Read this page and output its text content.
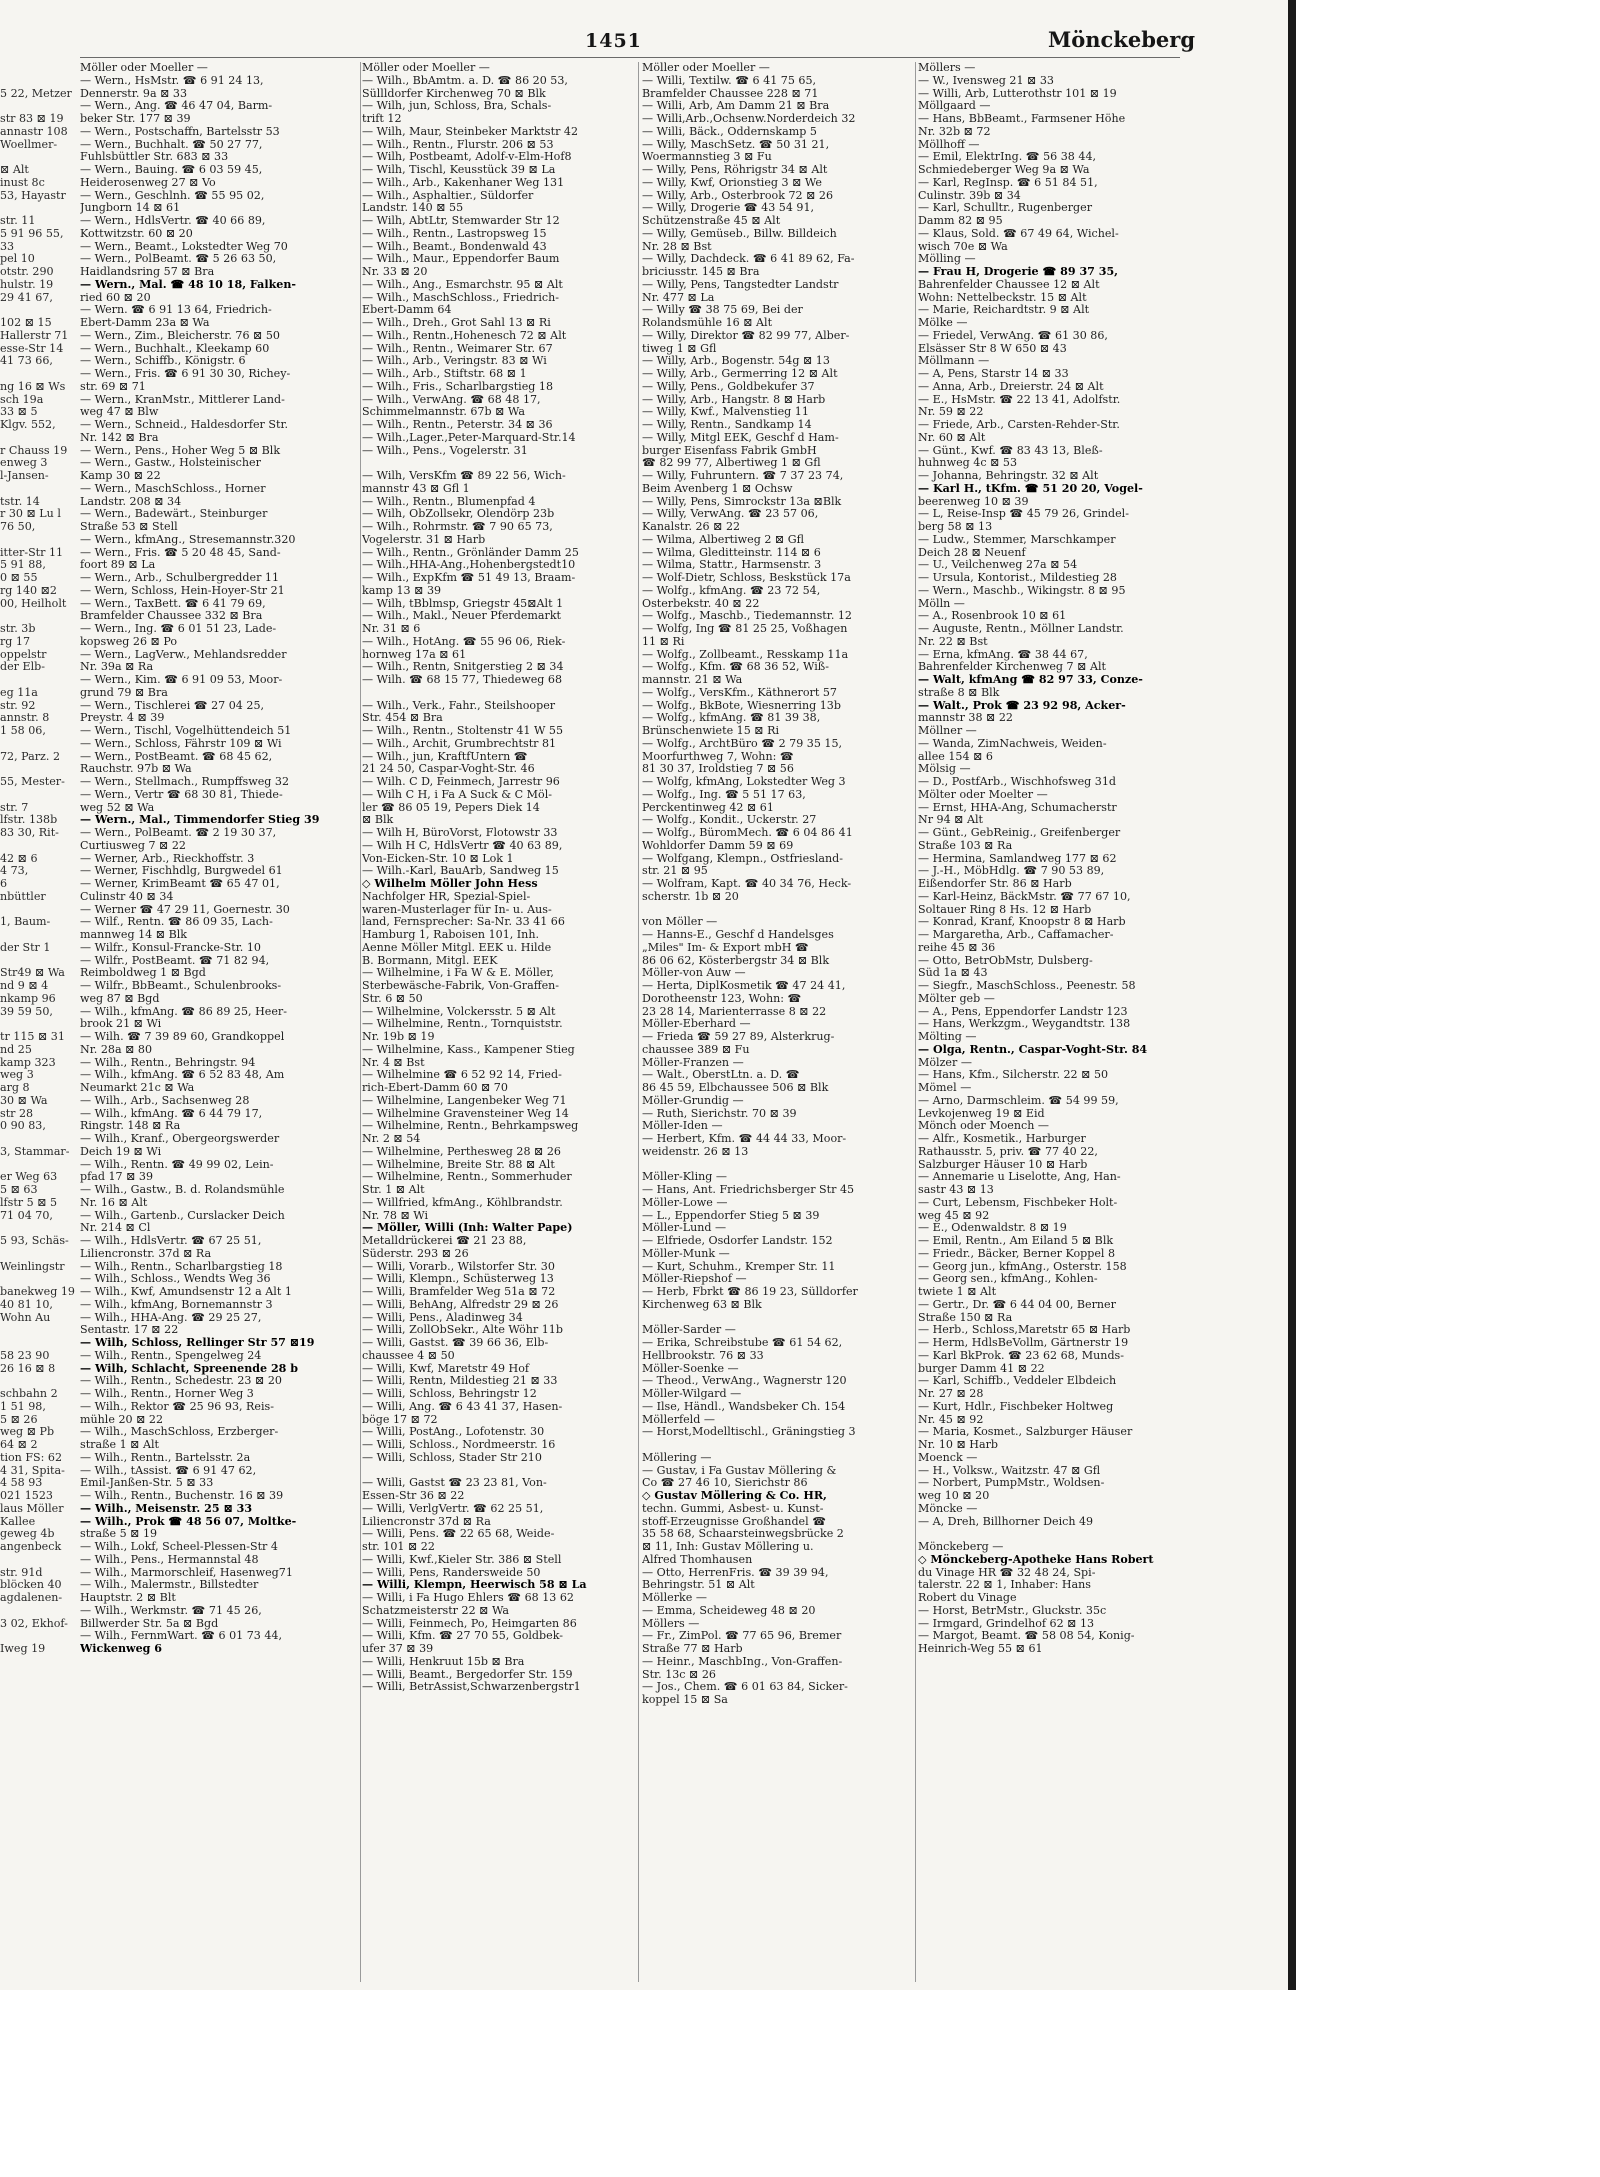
1451	Mönckeberg
5 22, Metzer
str 83 ⊠ 19
annastr 108
Woellmer-
⊠ Alt
inust 8c
53, Hayastr
str. 11
5 91 96 55,
33
pel 10
otstr. 290
hulstr. 19
29 41 67,
102 ⊠ 15
Hallerstr 71
esse-Str 14
41 73 66,
ng 16 ⊠ Ws
sch 19a
33 ⊠ 5
Klgv. 552,
r Chauss 19
enweg 3
l-Jansen-
tstr. 14
r 30 ⊠ Lu l
76 50,
itter-Str 11
5 91 88,
0 ⊠ 55
rg 140 ⊠2
00, Heilholt
str. 3b
rg 17
oppelstr
der Elb-
eg 11a
str. 92
annstr. 8
1 58 06,
72, Parz. 2
55, Mester-
str. 7
lfstr. 138b
83 30, Rit-
42 ⊠ 6
4 73,
6
nbüttler
1, Baum-
der Str 1
Str49 ⊠ Wa
nd 9 ⊠ 4
nkamp 96
39 59 50,
tr 115 ⊠ 31
nd 25
kamp 323
weg 3
arg 8
30 ⊠ Wa
str 28
0 90 83,
3, Stammar-
er Weg 63
5 ⊠ 63
lfstr 5 ⊠ 5
71 04 70,
5 93, Schäs-
Weinlingstr
banekweg 19
40 81 10,
Wohn Au
58 23 90
26 16 ⊠ 8
schbahn 2
1 51 98,
5 ⊠ 26
weg ⊠ Pb
64 ⊠ 2
tion FS: 62
4 31, Spita-
4 58 93
021 1523
laus Möller
Kallee
geweg 4b
angenbeck
str. 91d
blöcken 40
agdalenen-
3 02, Ekhof-
Iweg 19
Möller oder Moeller —
— Wern., HsMstr. ☎ 6 91 24 13,
Dennerstr. 9a ⊠ 33
— Wern., Ang. ☎ 46 47 04, Barm-
beker Str. 177 ⊠ 39
— Wern., Postschaffn, Bartelsstr 53
— Wern., Buchhalt. ☎ 50 27 77,
Fuhlsbüttler Str. 683 ⊠ 33
— Wern., Bauing. ☎ 6 03 59 45,
Heiderosenweg 27 ⊠ Vo
— Wern., Geschlnh. ☎ 55 95 02,
Jungborn 14 ⊠ 61
— Wern., HdlsVertr. ☎ 40 66 89,
Kottwitzstr. 60 ⊠ 20
— Wern., Beamt., Lokstedter Weg 70
— Wern., PolBeamt. ☎ 5 26 63 50,
Haidlandsring 57 ⊠ Bra
— Wern., Mal. ☎ 48 10 18, Falken-
ried 60 ⊠ 20
— Wern. ☎ 6 91 13 64, Friedrich-
Ebert-Damm 23a ⊠ Wa
— Wern., Zim., Bleicherstr. 76 ⊠ 50
— Wern., Buchhalt., Kleekamp 60
— Wern., Schiffb., Königstr. 6
— Wern., Fris. ☎ 6 91 30 30, Richey-
str. 69 ⊠ 71
— Wern., KranMstr., Mittlerer Land-
weg 47 ⊠ Blw
— Wern., Schneid., Haldesdorfer Str.
Nr. 142 ⊠ Bra
— Wern., Pens., Hoher Weg 5 ⊠ Blk
— Wern., Gastw., Holsteinischer
Kamp 30 ⊠ 22
— Wern., MaschSchloss., Horner
Landstr. 208 ⊠ 34
— Wern., Badewärt., Steinburger
Straße 53 ⊠ Stell
— Wern., kfmAng., Stresemannstr.320
— Wern., Fris. ☎ 5 20 48 45, Sand-
foort 89 ⊠ La
— Wern., Arb., Schulbergredder 11
— Wern, Schloss, Hein-Hoyer-Str 21
— Wern., TaxBett. ☎ 6 41 79 69,
Bramfelder Chaussee 332 ⊠ Bra
— Wern., Ing. ☎ 6 01 51 23, Lade-
kopsweg 26 ⊠ Po
— Wern., LagVerw., Mehlandsredder
Nr. 39a ⊠ Ra
— Wern., Kim. ☎ 6 91 09 53, Moor-
grund 79 ⊠ Bra
— Wern., Tischlerei ☎ 27 04 25,
Preystr. 4 ⊠ 39
— Wern., Tischl, Vogelhüttendeich 51
— Wern., Schloss, Fährstr 109 ⊠ Wi
— Wern., PostBeamt. ☎ 68 45 62,
Rauchstr. 97b ⊠ Wa
— Wern., Stellmach., Rumpffsweg 32
— Wern., Vertr ☎ 68 30 81, Thiede-
weg 52 ⊠ Wa
— Wern., Mal., Timmendorfer Stieg 39
— Wern., PolBeamt. ☎ 2 19 30 37,
Curtiusweg 7 ⊠ 22
— Werner, Arb., Rieckhoffstr. 3
— Werner, Fischhdlg, Burgwedel 61
— Werner, KrimBeamt ☎ 65 47 01,
Culinstr 40 ⊠ 34
— Werner ☎ 47 29 11, Goernestr. 30
— Wilf., Rentn. ☎ 86 09 35, Lach-
mannweg 14 ⊠ Blk
— Wilfr., Konsul-Francke-Str. 10
— Wilfr., PostBeamt. ☎ 71 82 94,
Reimboldweg 1 ⊠ Bgd
— Wilfr., BbBeamt., Schulenbrooks-
weg 87 ⊠ Bgd
— Wilh., kfmAng. ☎ 86 89 25, Heer-
brook 21 ⊠ Wi
— Wilh. ☎ 7 39 89 60, Grandkoppel
Nr. 28a ⊠ 80
— Wilh., Rentn., Behringstr. 94
— Wilh., kfmAng. ☎ 6 52 83 48, Am
Neumarkt 21c ⊠ Wa
— Wilh., Arb., Sachsenweg 28
— Wilh., kfmAng. ☎ 6 44 79 17,
Ringstr. 148 ⊠ Ra
— Wilh., Kranf., Obergeorgswerder
Deich 19 ⊠ Wi
— Wilh., Rentn. ☎ 49 99 02, Lein-
pfad 17 ⊠ 39
— Wilh., Gastw., B. d. Rolandsmühle
Nr. 16 ⊠ Alt
— Wilh., Gartenb., Curslacker Deich
Nr. 214 ⊠ Cl
— Wilh., HdlsVertr. ☎ 67 25 51,
Liliencronstr. 37d ⊠ Ra
— Wilh., Rentn., Scharlbargstieg 18
— Wilh., Schloss., Wendts Weg 36
— Wilh., Kwf, Amundsenstr 12 a Alt 1
— Wilh., kfmAng, Bornemannstr 3
— Wilh., HHA-Ang. ☎ 29 25 27,
Sentastr. 17 ⊠ 22
— Wilh, Schloss, Rellinger Str 57 ⊠19
— Wilh., Rentn., Spengelweg 24
— Wilh, Schlacht, Spreenende 28 b
— Wilh., Rentn., Schedestr. 23 ⊠ 20
— Wilh., Rentn., Horner Weg 3
— Wilh., Rektor ☎ 25 96 93, Reis-
mühle 20 ⊠ 22
— Wilh., MaschSchloss, Erzberger-
straße 1 ⊠ Alt
— Wilh., Rentn., Bartelsstr. 2a
— Wilh., tAssist. ☎ 6 91 47 62,
Emil-Janßen-Str. 5 ⊠ 33
— Wilh., Rentn., Buchenstr. 16 ⊠ 39
— Wilh., Meisenstr. 25 ⊠ 33
— Wilh., Prok ☎ 48 56 07, Moltke-
straße 5 ⊠ 19
— Wilh., Lokf, Scheel-Plessen-Str 4
— Wilh., Pens., Hermannstal 48
— Wilh., Marmorschleif, Hasenweg71
— Wilh., Malermstr., Billstedter
Hauptstr. 2 ⊠ Blt
— Wilh., Werkmstr. ☎ 71 45 26,
Billwerder Str. 5a ⊠ Bgd
— Wilh., FernmWart. ☎ 6 01 73 44,
Wickenweg 6
Möller oder Moeller —
— Wilh., BbAmtm. a. D. ☎ 86 20 53,
Süllldorfer Kirchenweg 70 ⊠ Blk
— Wilh, jun, Schloss, Bra, Schals-
trift 12
— Wilh, Maur, Steinbeker Marktstr 42
— Wilh., Rentn., Flurstr. 206 ⊠ 53
— Wilh, Postbeamt, Adolf-v-Elm-Hof8
— Wilh, Tischl, Keusstück 39 ⊠ La
— Wilh., Arb., Kakenhaner Weg 131
— Wilh., Asphaltier., Süldorfer
Landstr. 140 ⊠ 55
— Wilh, AbtLtr, Stemwarder Str 12
— Wilh., Rentn., Lastropsweg 15
— Wilh., Beamt., Bondenwald 43
— Wilh., Maur., Eppendorfer Baum
Nr. 33 ⊠ 20
— Wilh., Ang., Esmarchstr. 95 ⊠ Alt
— Wilh., MaschSchloss., Friedrich-
Ebert-Damm 64
— Wilh., Dreh., Grot Sahl 13 ⊠ Ri
— Wilh., Rentn.,Hohenesch 72 ⊠ Alt
— Wilh., Rentn., Weimarer Str. 67
— Wilh., Arb., Veringstr. 83 ⊠ Wi
— Wilh., Arb., Stiftstr. 68 ⊠ 1
— Wilh., Fris., Scharlbargstieg 18
— Wilh., VerwAng. ☎ 68 48 17,
Schimmelmannstr. 67b ⊠ Wa
— Wilh., Rentn., Peterstr. 34 ⊠ 36
— Wilh.,Lager.,Peter-Marquard-Str.14
— Wilh., Pens., Vogelerstr. 31
— Wilh, VersKfm ☎ 89 22 56, Wich-
mannstr 43 ⊠ Gfl 1
— Wilh., Rentn., Blumenpfad 4
— Wilh, ObZollsekr, Olendörp 23b
— Wilh., Rohrmstr. ☎ 7 90 65 73,
Vogelerstr. 31 ⊠ Harb
— Wilh., Rentn., Grönländer Damm 25
— Wilh.,HHA-Ang.,Hohenbergstedt10
— Wilh., ExpKfm ☎ 51 49 13, Braam-
kamp 13 ⊠ 39
— Wilh, tBblmsp, Griegstr 45⊠Alt 1
— Wilh., Makl., Neuer Pferdemarkt
Nr. 31 ⊠ 6
— Wilh., HotAng. ☎ 55 96 06, Riek-
hornweg 17a ⊠ 61
— Wilh., Rentn, Snitgerstieg 2 ⊠ 34
— Wilh. ☎ 68 15 77, Thiedeweg 68
— Wilh., Verk., Fahr., Steilshooper
Str. 454 ⊠ Bra
— Wilh., Rentn., Stoltenstr 41 W 55
— Wilh., Archit, Grumbrechtstr 81
— Wilh., jun, KraftfUntern ☎
21 24 50, Caspar-Voght-Str. 46
— Wilh. C D, Feinmech, Jarrestr 96
— Wilh C H, i Fa A Suck & C Möl-
ler ☎ 86 05 19, Pepers Diek 14
⊠ Blk
— Wilh H, BüroVorst, Flotowstr 33
— Wilh H C, HdlsVertr ☎ 40 63 89,
Von-Eicken-Str. 10 ⊠ Lok 1
— Wilh.-Karl, BauArb, Sandweg 15
◇ Wilhelm Möller John Hess
Nachfolger HR, Spezial-Spiel-
waren-Musterlager für In- u. Aus-
land, Fernsprecher: Sa-Nr. 33 41 66
Hamburg 1, Raboisen 101, Inh.
Aenne Möller Mitgl. EEK u. Hilde
B. Bormann, Mitgl. EEK
— Wilhelmine, i Fa W & E. Möller,
Sterbewäsche-Fabrik, Von-Graffen-
Str. 6 ⊠ 50
— Wilhelmine, Volckersstr. 5 ⊠ Alt
— Wilhelmine, Rentn., Tornquiststr.
Nr. 19b ⊠ 19
— Wilhelmine, Kass., Kampener Stieg
Nr. 4 ⊠ Bst
— Wilhelmine ☎ 6 52 92 14, Fried-
rich-Ebert-Damm 60 ⊠ 70
— Wilhelmine, Langenbeker Weg 71
— Wilhelmine Gravensteiner Weg 14
— Wilhelmine, Rentn., Behrkampsweg
Nr. 2 ⊠ 54
— Wilhelmine, Perthesweg 28 ⊠ 26
— Wilhelmine, Breite Str. 88 ⊠ Alt
— Wilhelmine, Rentn., Sommerhuder
Str. 1 ⊠ Alt
— Willfried, kfmAng., Köhlbrandstr.
Nr. 78 ⊠ Wi
— Möller, Willi (Inh: Walter Pape)
Metalldrückerei ☎ 21 23 88,
Süderstr. 293 ⊠ 26
— Willi, Vorarb., Wilstorfer Str. 30
— Willi, Klempn., Schüsterweg 13
— Willi, Bramfelder Weg 51a ⊠ 72
— Willi, BehAng, Alfredstr 29 ⊠ 26
— Willi, Pens., Aladinweg 34
— Willi, ZollObSekr., Alte Wöhr 11b
— Willi, Gastst. ☎ 39 66 36, Elb-
chaussee 4 ⊠ 50
— Willi, Kwf, Maretstr 49 Hof
— Willi, Rentn, Mildestieg 21 ⊠ 33
— Willi, Schloss, Behringstr 12
— Willi, Ang. ☎ 6 43 41 37, Hasen-
böge 17 ⊠ 72
— Willi, PostAng., Lofotenstr. 30
— Willi, Schloss., Nordmeerstr. 16
— Willi, Schloss, Stader Str 210
— Willi, Gastst ☎ 23 23 81, Von-
Essen-Str 36 ⊠ 22
— Willi, VerlgVertr. ☎ 62 25 51,
Liliencronstr 37d ⊠ Ra
— Willi, Pens. ☎ 22 65 68, Weide-
str. 101 ⊠ 22
— Willi, Kwf.,Kieler Str. 386 ⊠ Stell
— Willi, Pens, Randersweide 50
— Willi, Klempn, Heerwisch 58 ⊠ La
— Willi, i Fa Hugo Ehlers ☎ 68 13 62
Schatzmeisterstr 22 ⊠ Wa
— Willi, Feinmech, Po, Heimgarten 86
— Willi, Kfm. ☎ 27 70 55, Goldbek-
ufer 37 ⊠ 39
— Willi, Henkruut 15b ⊠ Bra
— Willi, Beamt., Bergedorfer Str. 159
— Willi, BetrAssist,Schwarzenbergstr1
Möller oder Moeller —
— Willi, Textilw. ☎ 6 41 75 65,
Bramfelder Chaussee 228 ⊠ 71
— Willi, Arb, Am Damm 21 ⊠ Bra
— Willi,Arb.,Ochsenw.Norderdeich 32
— Willi, Bäck., Oddernskamp 5
— Willy, MaschSetz. ☎ 50 31 21,
Woermannstieg 3 ⊠ Fu
— Willy, Pens, Röhrigstr 34 ⊠ Alt
— Willy, Kwf, Orionstieg 3 ⊠ We
— Willy, Arb., Osterbrook 72 ⊠ 26
— Willy, Drogerie ☎ 43 54 91,
Schützenstraße 45 ⊠ Alt
— Willy, Gemüseb., Billw. Billdeich
Nr. 28 ⊠ Bst
— Willy, Dachdeck. ☎ 6 41 89 62, Fa-
briciusstr. 145 ⊠ Bra
— Willy, Pens, Tangstedter Landstr
Nr. 477 ⊠ La
— Willy ☎ 38 75 69, Bei der
Rolandsmühle 16 ⊠ Alt
— Willy, Direktor ☎ 82 99 77, Alber-
tiweg 1 ⊠ Gfl
— Willy, Arb., Bogenstr. 54g ⊠ 13
— Willy, Arb., Germerring 12 ⊠ Alt
— Willy, Pens., Goldbekufer 37
— Willy, Arb., Hangstr. 8 ⊠ Harb
— Willy, Kwf., Malvenstieg 11
— Willy, Rentn., Sandkamp 14
— Willy, Mitgl EEK, Geschf d Ham-
burger Eisenfass Fabrik GmbH
☎ 82 99 77, Albertiweg 1 ⊠ Gfl
— Willy, Fuhruntern. ☎ 7 37 23 74,
Beim Avenberg 1 ⊠ Ochsw
— Willy, Pens, Simrockstr 13a ⊠Blk
— Willy, VerwAng. ☎ 23 57 06,
Kanalstr. 26 ⊠ 22
— Wilma, Albertiweg 2 ⊠ Gfl
— Wilma, Gleditteinstr. 114 ⊠ 6
— Wilma, Stattr., Harmsenstr. 3
— Wolf-Dietr, Schloss, Beskstück 17a
— Wolfg., kfmAng. ☎ 23 72 54,
Osterbekstr. 40 ⊠ 22
— Wolfg., Maschb., Tiedemannstr. 12
— Wolfg, Ing ☎ 81 25 25, Voßhagen
11 ⊠ Ri
— Wolfg., Zollbeamt., Resskamp 11a
— Wolfg., Kfm. ☎ 68 36 52, Wiß-
mannstr. 21 ⊠ Wa
— Wolfg., VersKfm., Käthnerort 57
— Wolfg., BkBote, Wiesnerring 13b
— Wolfg., kfmAng. ☎ 81 39 38,
Brünschenwiete 15 ⊠ Ri
— Wolfg., ArchtBüro ☎ 2 79 35 15,
Moorfurthweg 7, Wohn: ☎
81 30 37, Iroldstieg 7 ⊠ 56
— Wolfg, kfmAng, Lokstedter Weg 3
— Wolfg., Ing. ☎ 5 51 17 63,
Perckentinweg 42 ⊠ 61
— Wolfg., Kondit., Uckerstr. 27
— Wolfg., BüromMech. ☎ 6 04 86 41
Wohldorfer Damm 59 ⊠ 69
— Wolfgang, Klempn., Ostfriesland-
str. 21 ⊠ 95
— Wolfram, Kapt. ☎ 40 34 76, Heck-
scherstr. 1b ⊠ 20
von Möller —
— Hanns-E., Geschf d Handelsges
„Miles" Im- & Export mbH ☎
86 06 62, Kösterbergstr 34 ⊠ Blk
Möller-von Auw —
— Herta, DiplKosmetik ☎ 47 24 41,
Dorotheenstr 123, Wohn: ☎
23 28 14, Marienterrasse 8 ⊠ 22
Möller-Eberhard —
— Frieda ☎ 59 27 89, Alsterkrug-
chaussee 389 ⊠ Fu
Möller-Franzen —
— Walt., OberstLtn. a. D. ☎
86 45 59, Elbchaussee 506 ⊠ Blk
Möller-Grundig —
— Ruth, Sierichstr. 70 ⊠ 39
Möller-Iden —
— Herbert, Kfm. ☎ 44 44 33, Moor-
weidenstr. 26 ⊠ 13
Möller-Kling —
— Hans, Ant. Friedrichsberger Str 45
Möller-Lowe —
— L., Eppendorfer Stieg 5 ⊠ 39
Möller-Lund —
— Elfriede, Osdorfer Landstr. 152
Möller-Munk —
— Kurt, Schuhm., Kremper Str. 11
Möller-Riepshof —
— Herb, Fbrkt ☎ 86 19 23, Sülldorfer
Kirchenweg 63 ⊠ Blk
Möller-Sarder —
— Erika, Schreibstube ☎ 61 54 62,
Hellbrookstr. 76 ⊠ 33
Möller-Soenke —
— Theod., VerwAng., Wagnerstr 120
Möller-Wilgard —
— Ilse, Händl., Wandsbeker Ch. 154
Möllerfeld —
— Horst,Modelltischl., Gräningstieg 3
Möllering —
— Gustav, i Fa Gustav Möllering &
Co ☎ 27 46 10, Sierichstr 86
◇ Gustav Möllering & Co. HR,
techn. Gummi, Asbest- u. Kunst-
stoff-Erzeugnisse Großhandel ☎
35 58 68, Schaarsteinwegsbrücke 2
⊠ 11, Inh: Gustav Möllering u.
Alfred Thomhausen
— Otto, HerrenFris. ☎ 39 39 94,
Behringstr. 51 ⊠ Alt
Möllerke —
— Emma, Scheideweg 48 ⊠ 20
Möllers —
— Fr., ZimPol. ☎ 77 65 96, Bremer
Straße 77 ⊠ Harb
— Heinr., MaschbIng., Von-Graffen-
Str. 13c ⊠ 26
— Jos., Chem. ☎ 6 01 63 84, Sicker-
koppel 15 ⊠ Sa
Möllers —
— W., Ivensweg 21 ⊠ 33
— Willi, Arb, Lutterothstr 101 ⊠ 19
Möllgaard —
— Hans, BbBeamt., Farmsener Höhe
Nr. 32b ⊠ 72
Möllhoff —
— Emil, ElektrIng. ☎ 56 38 44,
Schmiedeberger Weg 9a ⊠ Wa
— Karl, RegInsp. ☎ 6 51 84 51,
Culinstr. 39b ⊠ 34
— Karl, Schulltr., Rugenberger
Damm 82 ⊠ 95
— Klaus, Sold. ☎ 67 49 64, Wichel-
wisch 70e ⊠ Wa
Mölling —
— Frau H, Drogerie ☎ 89 37 35,
Bahrenfelder Chaussee 12 ⊠ Alt
Wohn: Nettelbeckstr. 15 ⊠ Alt
— Marie, Reichardtstr. 9 ⊠ Alt
Mölke —
— Friedel, VerwAng. ☎ 61 30 86,
Elsässer Str 8 W 650 ⊠ 43
Möllmann —
— A, Pens, Starstr 14 ⊠ 33
— Anna, Arb., Dreierstr. 24 ⊠ Alt
— E., HsMstr. ☎ 22 13 41, Adolfstr.
Nr. 59 ⊠ 22
— Friede, Arb., Carsten-Rehder-Str.
Nr. 60 ⊠ Alt
— Günt., Kwf. ☎ 83 43 13, Bleß-
huhnweg 4c ⊠ 53
— Johanna, Behringstr. 32 ⊠ Alt
— Karl H., tKfm. ☎ 51 20 20, Vogel-
beerenweg 10 ⊠ 39
— L, Reise-Insp ☎ 45 79 26, Grindel-
berg 58 ⊠ 13
— Ludw., Stemmer, Marschkamper
Deich 28 ⊠ Neuenf
— U., Veilchenweg 27a ⊠ 54
— Ursula, Kontorist., Mildestieg 28
— Wern., Maschb., Wikingstr. 8 ⊠ 95
Mölln —
— A., Rosenbrook 10 ⊠ 61
— Auguste, Rentn., Möllner Landstr.
Nr. 22 ⊠ Bst
— Erna, kfmAng. ☎ 38 44 67,
Bahrenfelder Kirchenweg 7 ⊠ Alt
— Walt, kfmAng ☎ 82 97 33, Conze-
straße 8 ⊠ Blk
— Walt., Prok ☎ 23 92 98, Acker-
mannstr 38 ⊠ 22
Möllner —
— Wanda, ZimNachweis, Weiden-
allee 154 ⊠ 6
Mölsig —
— D., PostfArb., Wischhofsweg 31d
Mölter oder Moelter —
— Ernst, HHA-Ang, Schumacherstr
Nr 94 ⊠ Alt
— Günt., GebReinig., Greifenberger
Straße 103 ⊠ Ra
— Hermina, Samlandweg 177 ⊠ 62
— J.-H., MöbHdlg. ☎ 7 90 53 89,
Eißendorfer Str. 86 ⊠ Harb
— Karl-Heinz, BäckMstr. ☎ 77 67 10,
Soltauer Ring 8 Hs. 12 ⊠ Harb
— Konrad, Kranf, Knoopstr 8 ⊠ Harb
— Margaretha, Arb., Caffamacher-
reihe 45 ⊠ 36
— Otto, BetrObMstr, Dulsberg-
Süd 1a ⊠ 43
— Siegfr., MaschSchloss., Peenestr. 58
Mölter geb —
— A., Pens, Eppendorfer Landstr 123
— Hans, Werkzgm., Weygandtstr. 138
Mölting —
— Olga, Rentn., Caspar-Voght-Str. 84
Mölzer —
— Hans, Kfm., Silcherstr. 22 ⊠ 50
Mömel —
— Arno, Darmschleim. ☎ 54 99 59,
Levkojenweg 19 ⊠ Eid
Mönch oder Moench —
— Alfr., Kosmetik., Harburger
Rathausstr. 5, priv. ☎ 77 40 22,
Salzburger Häuser 10 ⊠ Harb
— Annemarie u Liselotte, Ang, Han-
sastr 43 ⊠ 13
— Curt, Lebensm, Fischbeker Holt-
weg 45 ⊠ 92
— E., Odenwaldstr. 8 ⊠ 19
— Emil, Rentn., Am Eiland 5 ⊠ Blk
— Friedr., Bäcker, Berner Koppel 8
— Georg jun., kfmAng., Osterstr. 158
— Georg sen., kfmAng., Kohlen-
twiete 1 ⊠ Alt
— Gertr., Dr. ☎ 6 44 04 00, Berner
Straße 150 ⊠ Ra
— Herb., Schloss,Maretstr 65 ⊠ Harb
— Herm, HdlsBeVollm, Gärtnerstr 19
— Karl BkProk. ☎ 23 62 68, Munds-
burger Damm 41 ⊠ 22
— Karl, Schiffb., Veddeler Elbdeich
Nr. 27 ⊠ 28
— Kurt, Hdlr., Fischbeker Holtweg
Nr. 45 ⊠ 92
— Maria, Kosmet., Salzburger Häuser
Nr. 10 ⊠ Harb
Moenck —
— H., Volksw., Waitzstr. 47 ⊠ Gfl
— Norbert, PumpMstr., Woldsen-
weg 10 ⊠ 20
Möncke —
— A, Dreh, Billhorner Deich 49
Mönckeberg —
◇ Mönckeberg-Apotheke Hans Robert
du Vinage HR ☎ 32 48 24, Spi-
talerstr. 22 ⊠ 1, Inhaber: Hans
Robert du Vinage
— Horst, BetrMstr., Gluckstr. 35c
— Irmgard, Grindelhof 62 ⊠ 13
— Margot, Beamt. ☎ 58 08 54, Konig-
Heinrich-Weg 55 ⊠ 61
